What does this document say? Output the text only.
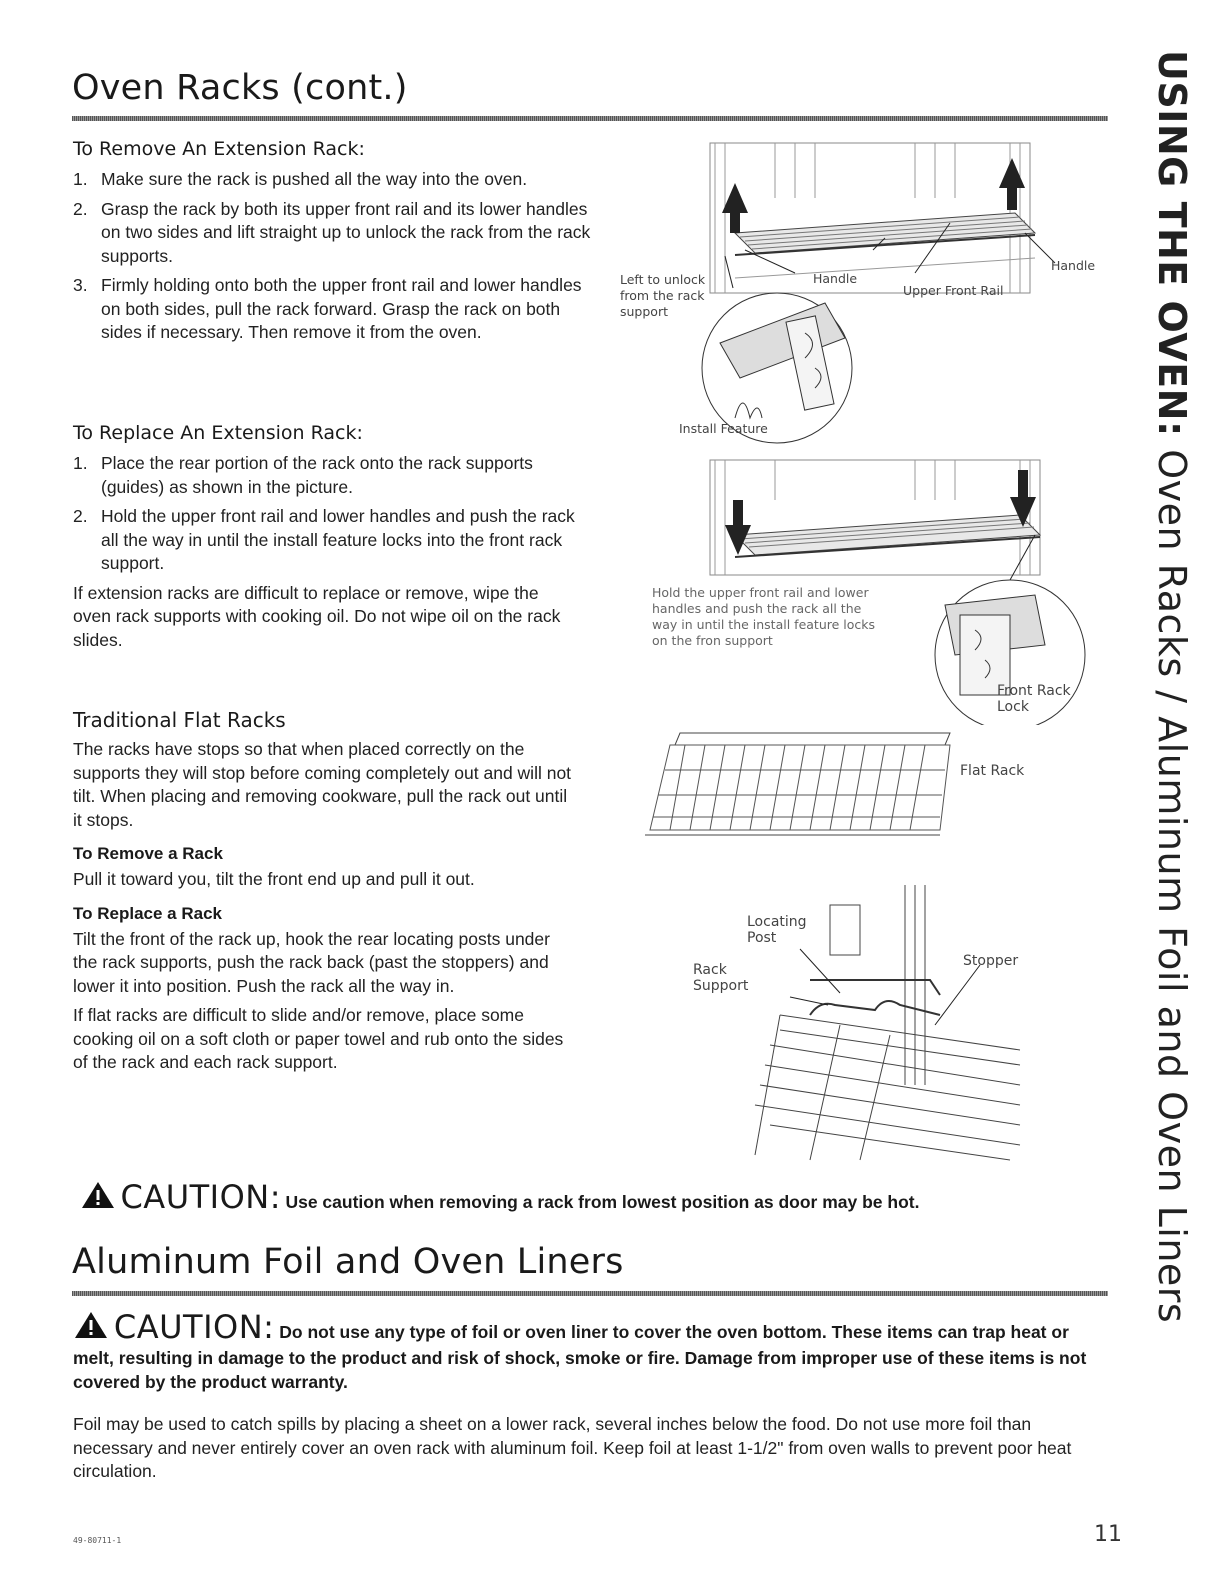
Oven Racks (cont.)
To Remove An Extension Rack:
1. Make sure the rack is pushed all the way into the oven.
2. Grasp the rack by both its upper front rail and its lower handles on two sides and lift straight up to unlock the rack from the rack supports.
3. Firmly holding onto both the upper front rail and lower handles on both sides, pull the rack forward. Grasp the rack on both sides if necessary. Then remove it from the oven.
To Replace An Extension Rack:
1. Place the rear portion of the rack onto the rack supports (guides) as shown in the picture.
2. Hold the upper front rail and lower handles and push the rack all the way in until the install feature locks into the front rack support.
If extension racks are difficult to replace or remove, wipe the oven rack supports with cooking oil. Do not wipe oil on the rack slides.
Traditional Flat Racks
The racks have stops so that when placed correctly on the supports they will stop before coming completely out and will not tilt. When placing and removing cookware, pull the rack out until it stops.
To Remove a Rack
Pull it toward you, tilt the front end up and pull it out.
To Replace a Rack
Tilt the front of the rack up, hook the rear locating posts under the rack supports, push the rack back (past the stoppers) and lower it into position. Push the rack all the way in.
If flat racks are difficult to slide and/or remove, place some cooking oil on a soft cloth or paper towel and rub onto the sides of the rack and each rack support.
Left to unlock
from the rack
support
Handle
Upper Front Rail
Handle
Install Feature
Hold the upper front rail and lower
handles and push the rack all the
way in until the install feature locks
on the fron support
Front Rack
Lock
Flat Rack
Locating
Post
Rack
Support
Stopper
CAUTION: Use caution when removing a rack from lowest position as door may be hot.
Aluminum Foil and Oven Liners
CAUTION: Do not use any type of foil or oven liner to cover the oven bottom. These items can trap heat or melt, resulting in damage to the product and risk of shock, smoke or fire. Damage from improper use of these items is not covered by the product warranty.
Foil may be used to catch spills by placing a sheet on a lower rack, several inches below the food. Do not use more foil than necessary and never entirely cover an oven rack with aluminum foil. Keep foil at least 1-1/2" from oven walls to prevent poor heat circulation.
USING THE OVEN: Oven Racks / Aluminum Foil and Oven Liners
49-80711-1	11
